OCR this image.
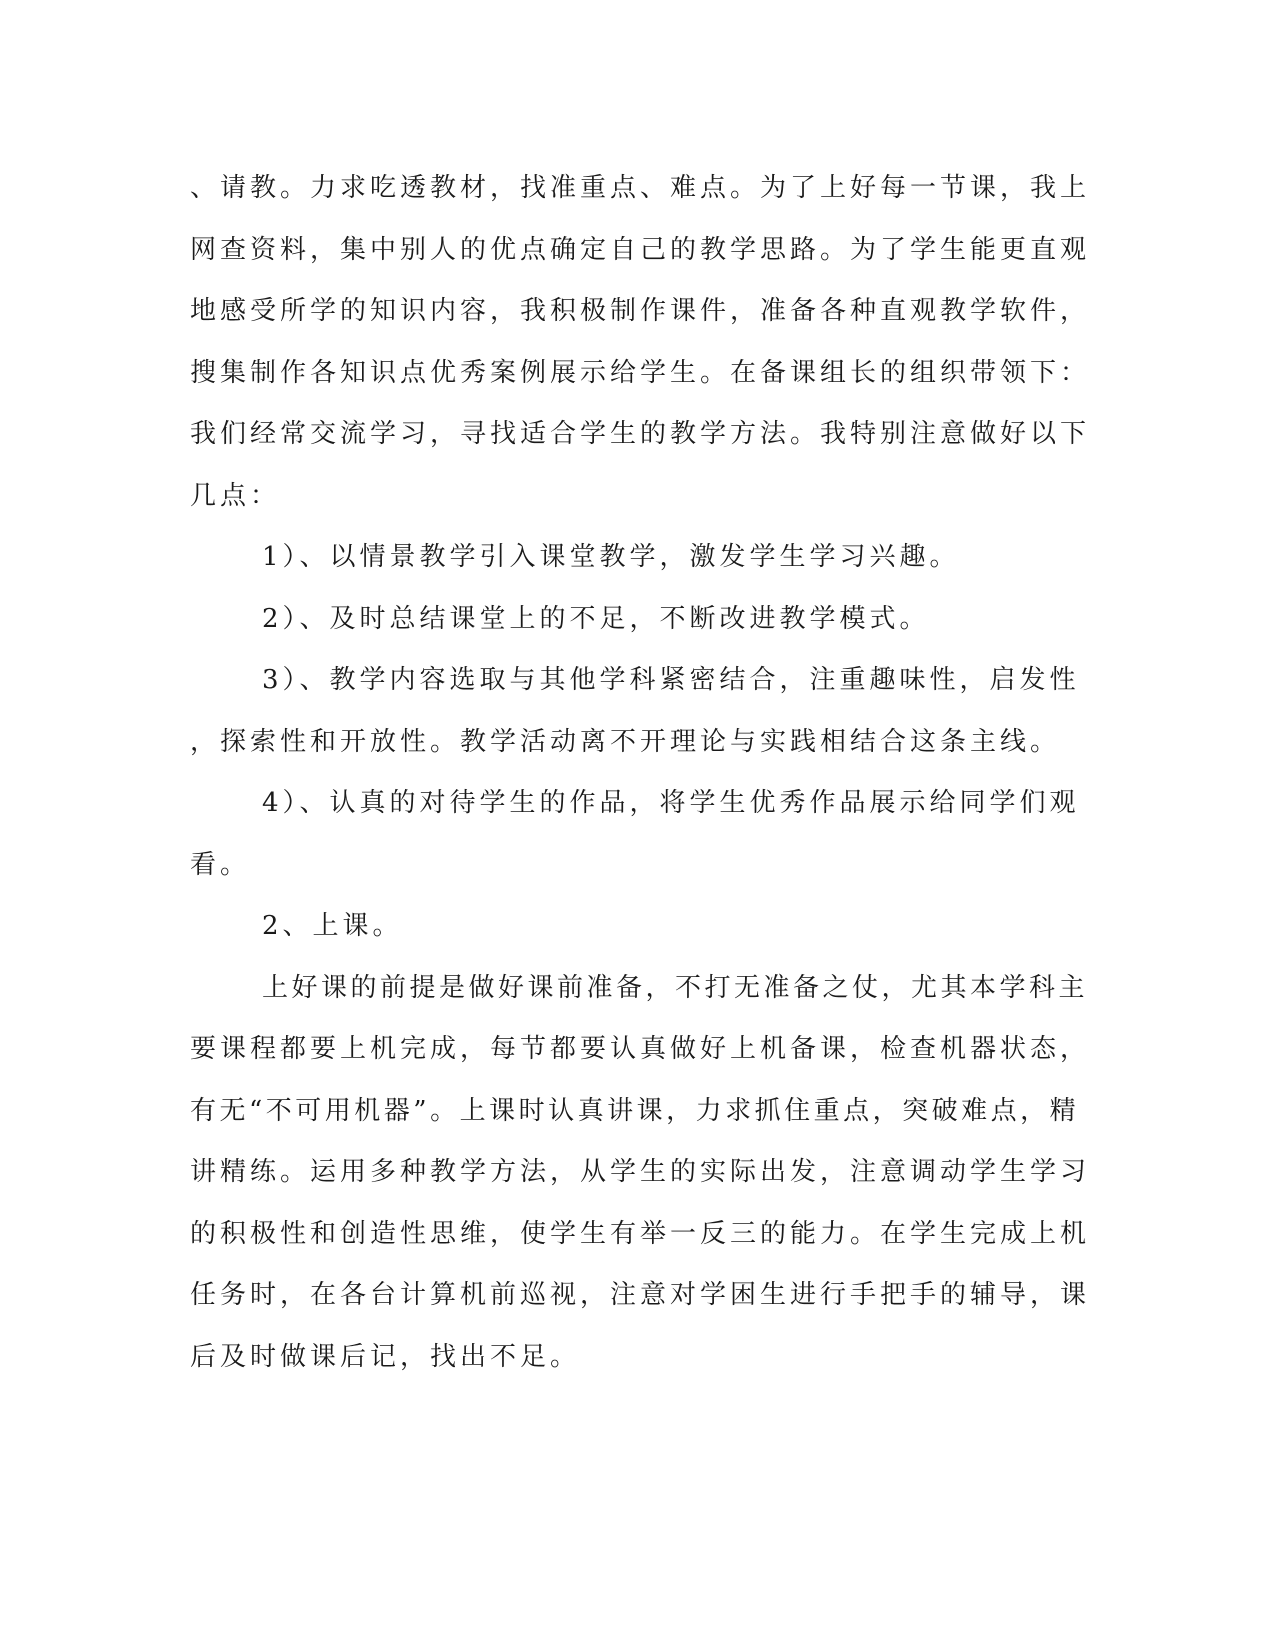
、请教。力求吃透教材，找准重点、难点。为了上好每一节课，我上
网查资料，集中别人的优点确定自己的教学思路。为了学生能更直观
地感受所学的知识内容，我积极制作课件，准备各种直观教学软件，
搜集制作各知识点优秀案例展示给学生。在备课组长的组织带领下：
我们经常交流学习，寻找适合学生的教学方法。我特别注意做好以下
几点：
1）、以情景教学引入课堂教学，激发学生学习兴趣。
2）、及时总结课堂上的不足，不断改进教学模式。
3）、教学内容选取与其他学科紧密结合，注重趣味性，启发性
，探索性和开放性。教学活动离不开理论与实践相结合这条主线。
4）、认真的对待学生的作品，将学生优秀作品展示给同学们观
看。
2、上课。
上好课的前提是做好课前准备，不打无准备之仗，尤其本学科主
要课程都要上机完成，每节都要认真做好上机备课，检查机器状态，
有无“不可用机器”。上课时认真讲课，力求抓住重点，突破难点，精
讲精练。运用多种教学方法，从学生的实际出发，注意调动学生学习
的积极性和创造性思维，使学生有举一反三的能力。在学生完成上机
任务时，在各台计算机前巡视，注意对学困生进行手把手的辅导，课
后及时做课后记，找出不足。
